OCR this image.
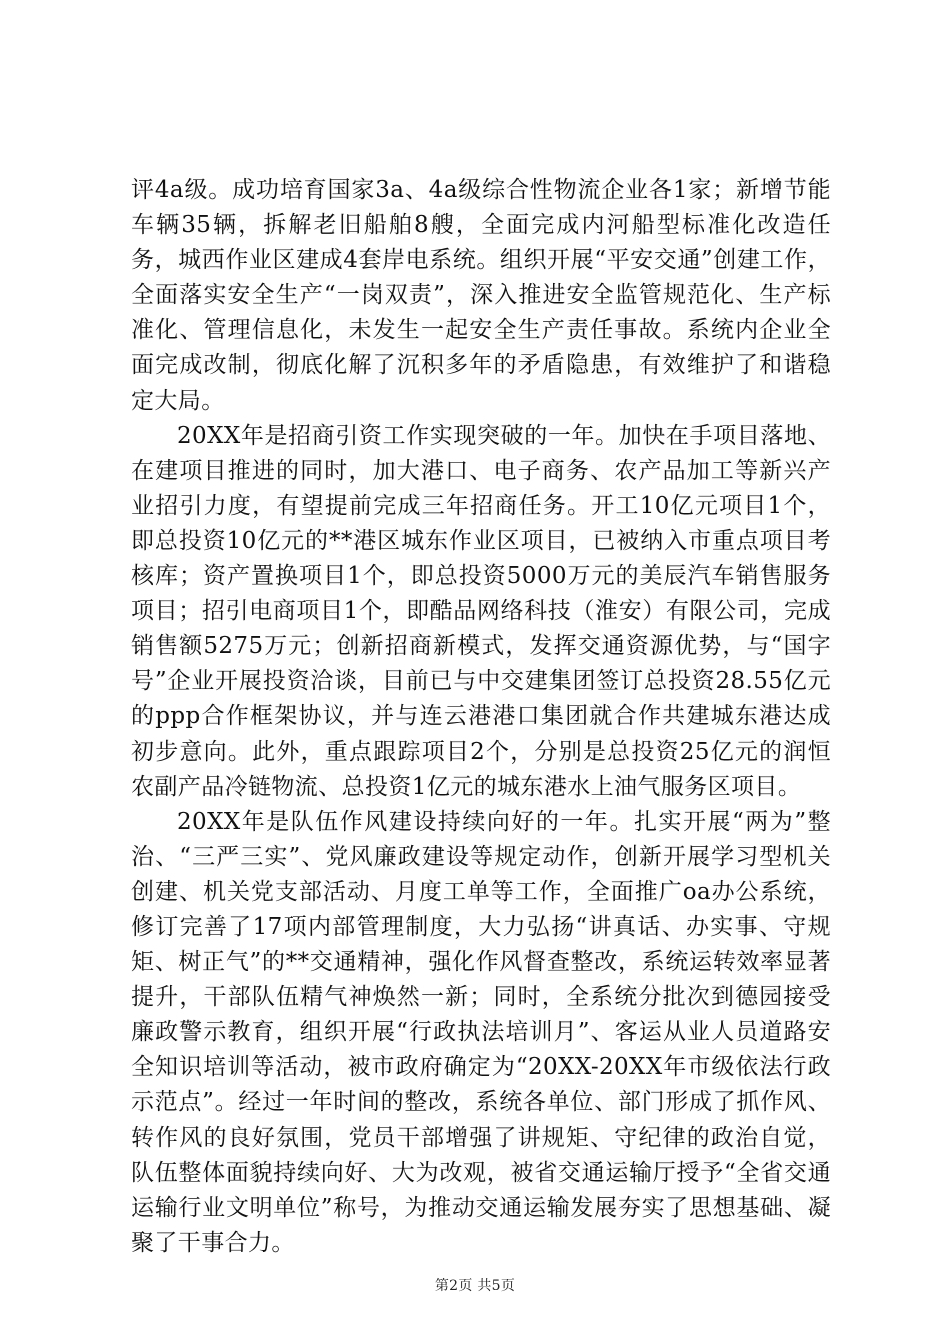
评4a级。成功培育国家3a、4a级综合性物流企业各1家；新增节能车辆35辆，拆解老旧船舶8艘，全面完成内河船型标准化改造任务，城西作业区建成4套岸电系统。组织开展“平安交通”创建工作，全面落实安全生产“一岗双责”，深入推进安全监管规范化、生产标准化、管理信息化，未发生一起安全生产责任事故。系统内企业全面完成改制，彻底化解了沉积多年的矛盾隐患，有效维护了和谐稳定大局。

20XX年是招商引资工作实现突破的一年。加快在手项目落地、在建项目推进的同时，加大港口、电子商务、农产品加工等新兴产业招引力度，有望提前完成三年招商任务。开工10亿元项目1个，即总投资10亿元的**港区城东作业区项目，已被纳入市重点项目考核库；资产置换项目1个，即总投资5000万元的美辰汽车销售服务项目；招引电商项目1个，即酷品网络科技（淮安）有限公司，完成销售额5275万元；创新招商新模式，发挥交通资源优势，与“国字号”企业开展投资洽谈，目前已与中交建集团签订总投资28.55亿元的ppp合作框架协议，并与连云港港口集团就合作共建城东港达成初步意向。此外，重点跟踪项目2个，分别是总投资25亿元的润恒农副产品冷链物流、总投资1亿元的城东港水上油气服务区项目。

20XX年是队伍作风建设持续向好的一年。扎实开展“两为”整治、“三严三实”、党风廉政建设等规定动作，创新开展学习型机关创建、机关党支部活动、月度工单等工作，全面推广oa办公系统，修订完善了17项内部管理制度，大力弘扬“讲真话、办实事、守规矩、树正气”的**交通精神，强化作风督查整改，系统运转效率显著提升，干部队伍精气神焕然一新；同时，全系统分批次到德园接受廉政警示教育，组织开展“行政执法培训月”、客运从业人员道路安全知识培训等活动，被市政府确定为“20XX-20XX年市级依法行政示范点”。经过一年时间的整改，系统各单位、部门形成了抓作风、转作风的良好氛围，党员干部增强了讲规矩、守纪律的政治自觉，队伍整体面貌持续向好、大为改观，被省交通运输厅授予“全省交通运输行业文明单位”称号，为推动交通运输发展夯实了思想基础、凝聚了干事合力。

第2页 共5页
